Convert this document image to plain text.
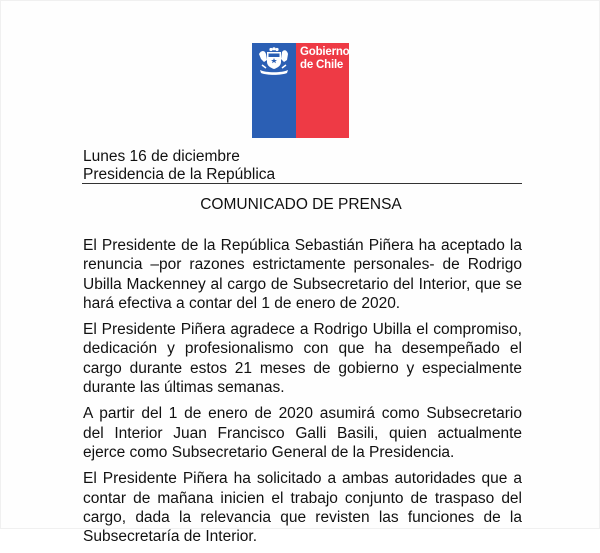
Gobierno
de Chile
Lunes 16 de diciembre
Presidencia de la República
COMUNICADO DE PRENSA

El Presidente de la República Sebastián Piñera ha aceptado la renuncia –por razones estrictamente personales- de Rodrigo Ubilla Mackenney al cargo de Subsecretario del Interior, que se hará efectiva a contar del 1 de enero de 2020.

El Presidente Piñera agradece a Rodrigo Ubilla el compromiso, dedicación y profesionalismo con que ha desempeñado el cargo durante estos 21 meses de gobierno y especialmente durante las últimas semanas.

A partir del 1 de enero de 2020 asumirá como Subsecretario del Interior Juan Francisco Galli Basili, quien actualmente ejerce como Subsecretario General de la Presidencia.

El Presidente Piñera ha solicitado a ambas autoridades que a contar de mañana inicien el trabajo conjunto de traspaso del cargo, dada la relevancia que revisten las funciones de la Subsecretaría de Interior.
